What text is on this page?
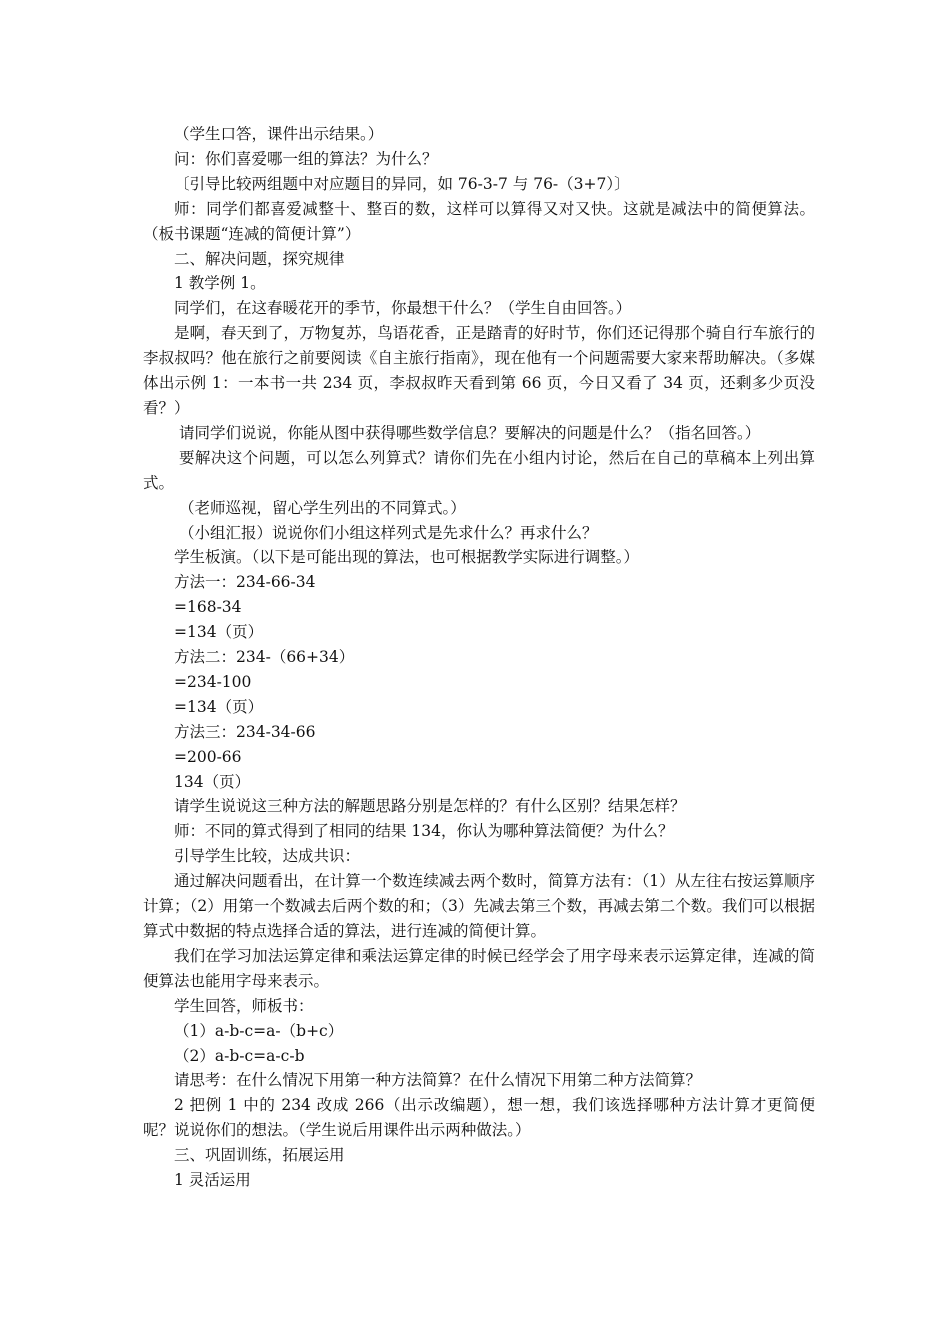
（学生口答，课件出示结果。）

问：你们喜爱哪一组的算法？为什么？

〔引导比较两组题中对应题目的异同，如 76-3-7 与 76-（3+7）〕

师：同学们都喜爱减整十、整百的数，这样可以算得又对又快。这就是减法中的简便算法。（板书课题“连减的简便计算”）

二、解决问题，探究规律

1 教学例 1。

同学们，在这春暖花开的季节，你最想干什么？（学生自由回答。）

是啊，春天到了，万物复苏，鸟语花香，正是踏青的好时节，你们还记得那个骑自行车旅行的李叔叔吗？他在旅行之前要阅读《自主旅行指南》，现在他有一个问题需要大家来帮助解决。（多媒体出示例 1：一本书一共 234 页，李叔叔昨天看到第 66 页，今日又看了 34 页，还剩多少页没看？）

请同学们说说，你能从图中获得哪些数学信息？要解决的问题是什么？（指名回答。）

要解决这个问题，可以怎么列算式？请你们先在小组内讨论，然后在自己的草稿本上列出算式。

（老师巡视，留心学生列出的不同算式。）

（小组汇报）说说你们小组这样列式是先求什么？再求什么？

学生板演。（以下是可能出现的算法，也可根据教学实际进行调整。）

方法一：234-66-34

=168-34

=134（页）

方法二：234-（66+34）

=234-100

=134（页）

方法三：234-34-66

=200-66

134（页）

请学生说说这三种方法的解题思路分别是怎样的？有什么区别？结果怎样？

师：不同的算式得到了相同的结果 134，你认为哪种算法简便？为什么？

引导学生比较，达成共识：

通过解决问题看出，在计算一个数连续减去两个数时，简算方法有：（1）从左往右按运算顺序计算；（2）用第一个数减去后两个数的和；（3）先减去第三个数，再减去第二个数。我们可以根据算式中数据的特点选择合适的算法，进行连减的简便计算。

我们在学习加法运算定律和乘法运算定律的时候已经学会了用字母来表示运算定律，连减的简便算法也能用字母来表示。

学生回答，师板书：

（1）a-b-c=a-（b+c）

（2）a-b-c=a-c-b

请思考：在什么情况下用第一种方法简算？在什么情况下用第二种方法简算？

2 把例 1 中的 234 改成 266（出示改编题），想一想，我们该选择哪种方法计算才更简便呢？说说你们的想法。（学生说后用课件出示两种做法。）

三、巩固训练，拓展运用

1 灵活运用
